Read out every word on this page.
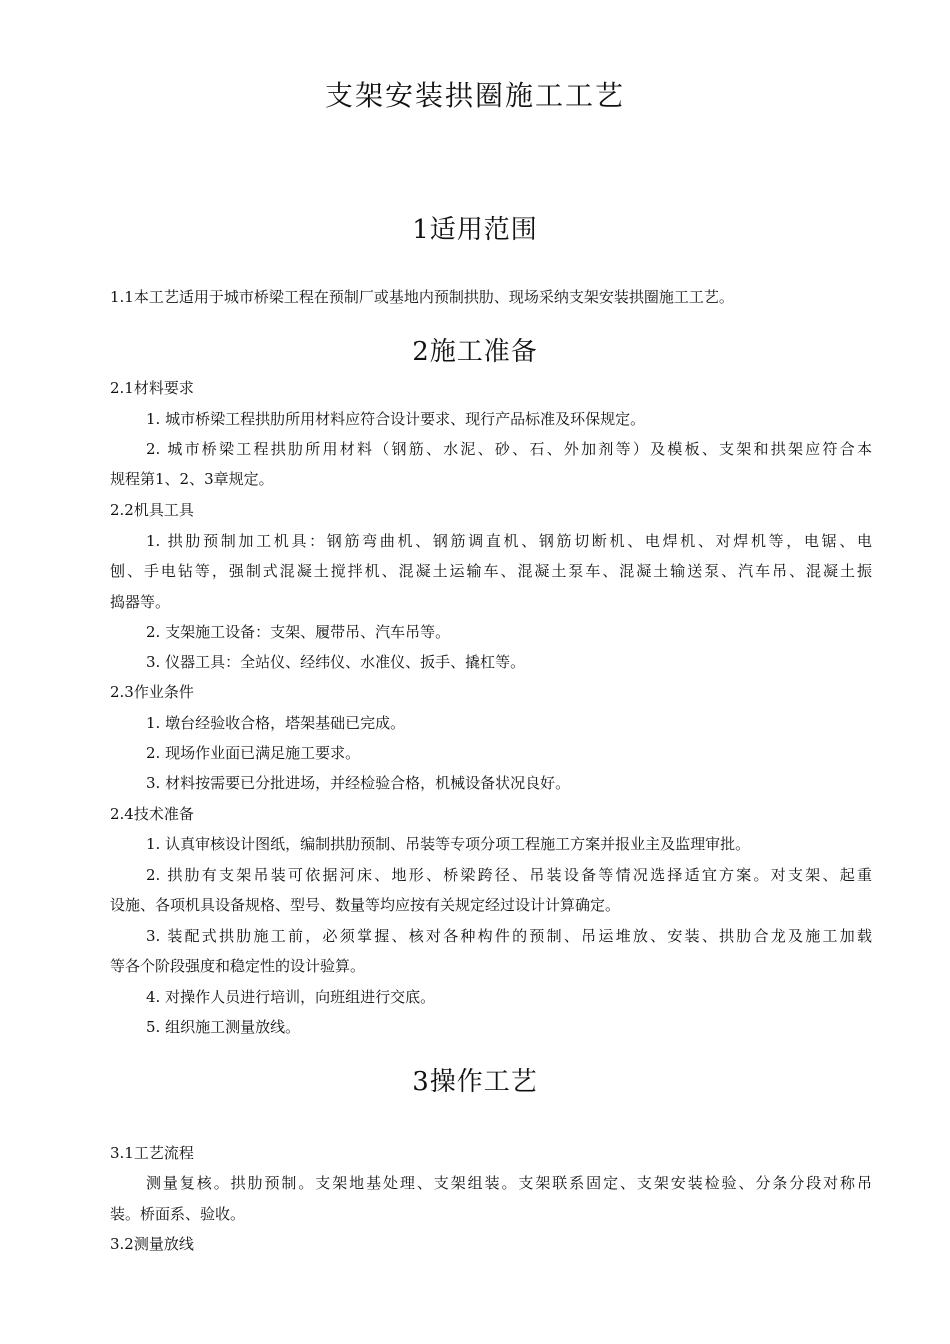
支架安装拱圈施工工艺
1适用范围

1.1本工艺适用于城市桥梁工程在预制厂或基地内预制拱肋、现场采纳支架安装拱圈施工工艺。

2施工准备

2.1材料要求

1. 城市桥梁工程拱肋所用材料应符合设计要求、现行产品标准及环保规定。

2. 城市桥梁工程拱肋所用材料（钢筋、水泥、砂、石、外加剂等）及模板、支架和拱架应符合本

规程第1、2、3章规定。

2.2机具工具

1. 拱肋预制加工机具：钢筋弯曲机、钢筋调直机、钢筋切断机、电焊机、对焊机等，电锯、电

刨、手电钻等，强制式混凝土搅拌机、混凝土运输车、混凝土泵车、混凝土输送泵、汽车吊、混凝土振

捣器等。

2. 支架施工设备：支架、履带吊、汽车吊等。

3. 仪器工具：全站仪、经纬仪、水准仪、扳手、撬杠等。

2.3作业条件

1. 墩台经验收合格，塔架基础已完成。

2. 现场作业面已满足施工要求。

3. 材料按需要已分批进场，并经检验合格，机械设备状况良好。

2.4技术准备

1. 认真审核设计图纸，编制拱肋预制、吊装等专项分项工程施工方案并报业主及监理审批。

2. 拱肋有支架吊装可依据河床、地形、桥梁跨径、吊装设备等情况选择适宜方案。对支架、起重

设施、各项机具设备规格、型号、数量等均应按有关规定经过设计计算确定。

3. 装配式拱肋施工前，必须掌握、核对各种构件的预制、吊运堆放、安装、拱肋合龙及施工加载

等各个阶段强度和稳定性的设计验算。

4. 对操作人员进行培训，向班组进行交底。

5. 组织施工测量放线。

3操作工艺

3.1工艺流程

测量复核。拱肋预制。支架地基处理、支架组装。支架联系固定、支架安装检验、分条分段对称吊

装。桥面系、验收。

3.2测量放线
